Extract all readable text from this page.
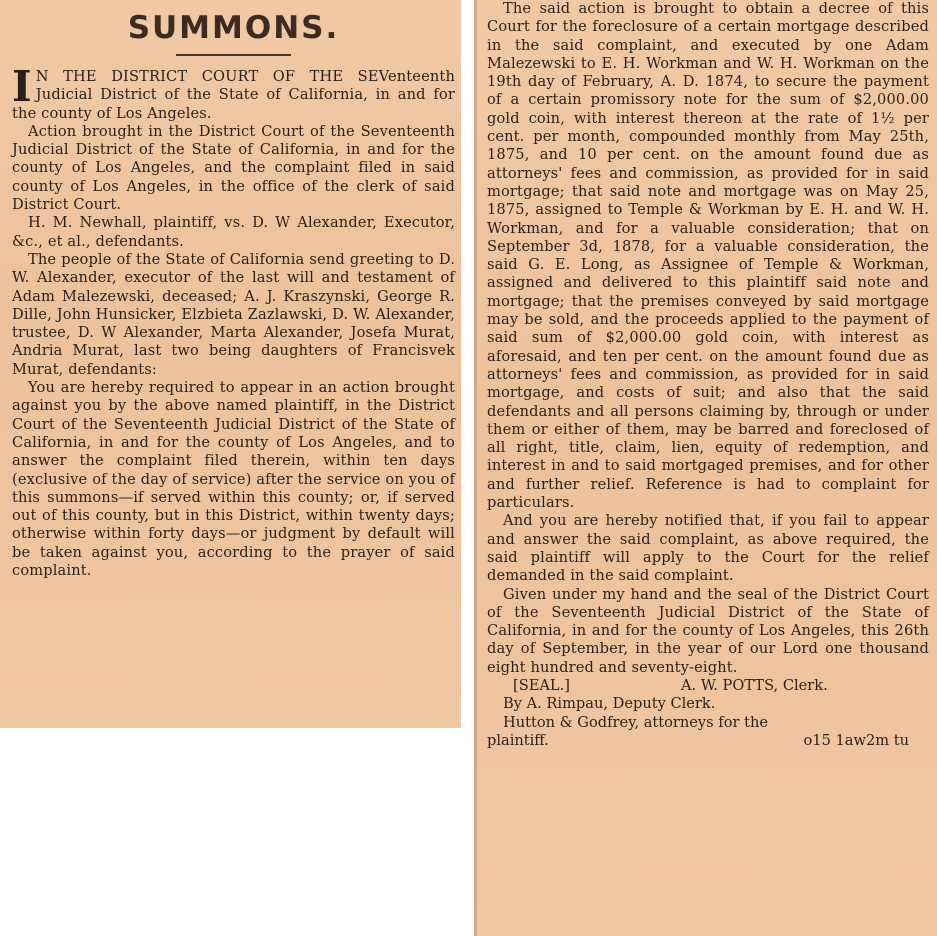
SUMMONS.

I N THE DISTRICT COURT OF THE SEVenteenth Judicial District of the State of California, in and for the county of Los Angeles.

Action brought in the District Court of the Seventeenth Judicial District of the State of California, in and for the county of Los Angeles, and the complaint filed in said county of Los Angeles, in the office of the clerk of said District Court.

H. M. Newhall, plaintiff, vs. D. W Alexander, Executor, &c., et al., defendants.

The people of the State of California send greeting to D. W. Alexander, executor of the last will and testament of Adam Malezewski, deceased; A. J. Kraszynski, George R. Dille, John Hunsicker, Elzbieta Zazlawski, D. W. Alexander, trustee, D. W Alexander, Marta Alexander, Josefa Murat, Andria Murat, last two being daughters of Francisvek Murat, defendants:

You are hereby required to appear in an action brought against you by the above named plaintiff, in the District Court of the Seventeenth Judicial District of the State of California, in and for the county of Los Angeles, and to answer the complaint filed therein, within ten days (exclusive of the day of service) after the service on you of this summons—if served within this county; or, if served out of this county, but in this District, within twenty days; otherwise within forty days—or judgment by default will be taken against you, according to the prayer of said complaint.

The said action is brought to obtain a decree of this Court for the foreclosure of a certain mortgage described in the said complaint, and executed by one Adam Malezewski to E. H. Workman and W. H. Workman on the 19th day of February, A. D. 1874, to secure the payment of a certain promissory note for the sum of $2,000.00 gold coin, with interest thereon at the rate of 1½ per cent. per month, compounded monthly from May 25th, 1875, and 10 per cent. on the amount found due as attorneys' fees and commission, as provided for in said mortgage; that said note and mortgage was on May 25, 1875, assigned to Temple & Workman by E. H. and W. H. Workman, and for a valuable consideration; that on September 3d, 1878, for a valuable consideration, the said G. E. Long, as Assignee of Temple & Workman, assigned and delivered to this plaintiff said note and mortgage; that the premises conveyed by said mortgage may be sold, and the proceeds applied to the payment of said sum of $2,000.00 gold coin, with interest as aforesaid, and ten per cent. on the amount found due as attorneys' fees and commission, as provided for in said mortgage, and costs of suit; and also that the said defendants and all persons claiming by, through or under them or either of them, may be barred and foreclosed of all right, title, claim, lien, equity of redemption, and interest in and to said mortgaged premises, and for other and further relief. Reference is had to complaint for particulars.

And you are hereby notified that, if you fail to appear and answer the said complaint, as above required, the said plaintiff will apply to the Court for the relief demanded in the said complaint.

Given under my hand and the seal of the District Court of the Seventeenth Judicial District of the State of California, in and for the county of Los Angeles, this 26th day of September, in the year of our Lord one thousand eight hundred and seventy-eight.

[SEAL.]	A. W. POTTS, Clerk.

By A. Rimpau, Deputy Clerk.

Hutton & Godfrey, attorneys for the

plaintiff.	o15 1aw2m tu
